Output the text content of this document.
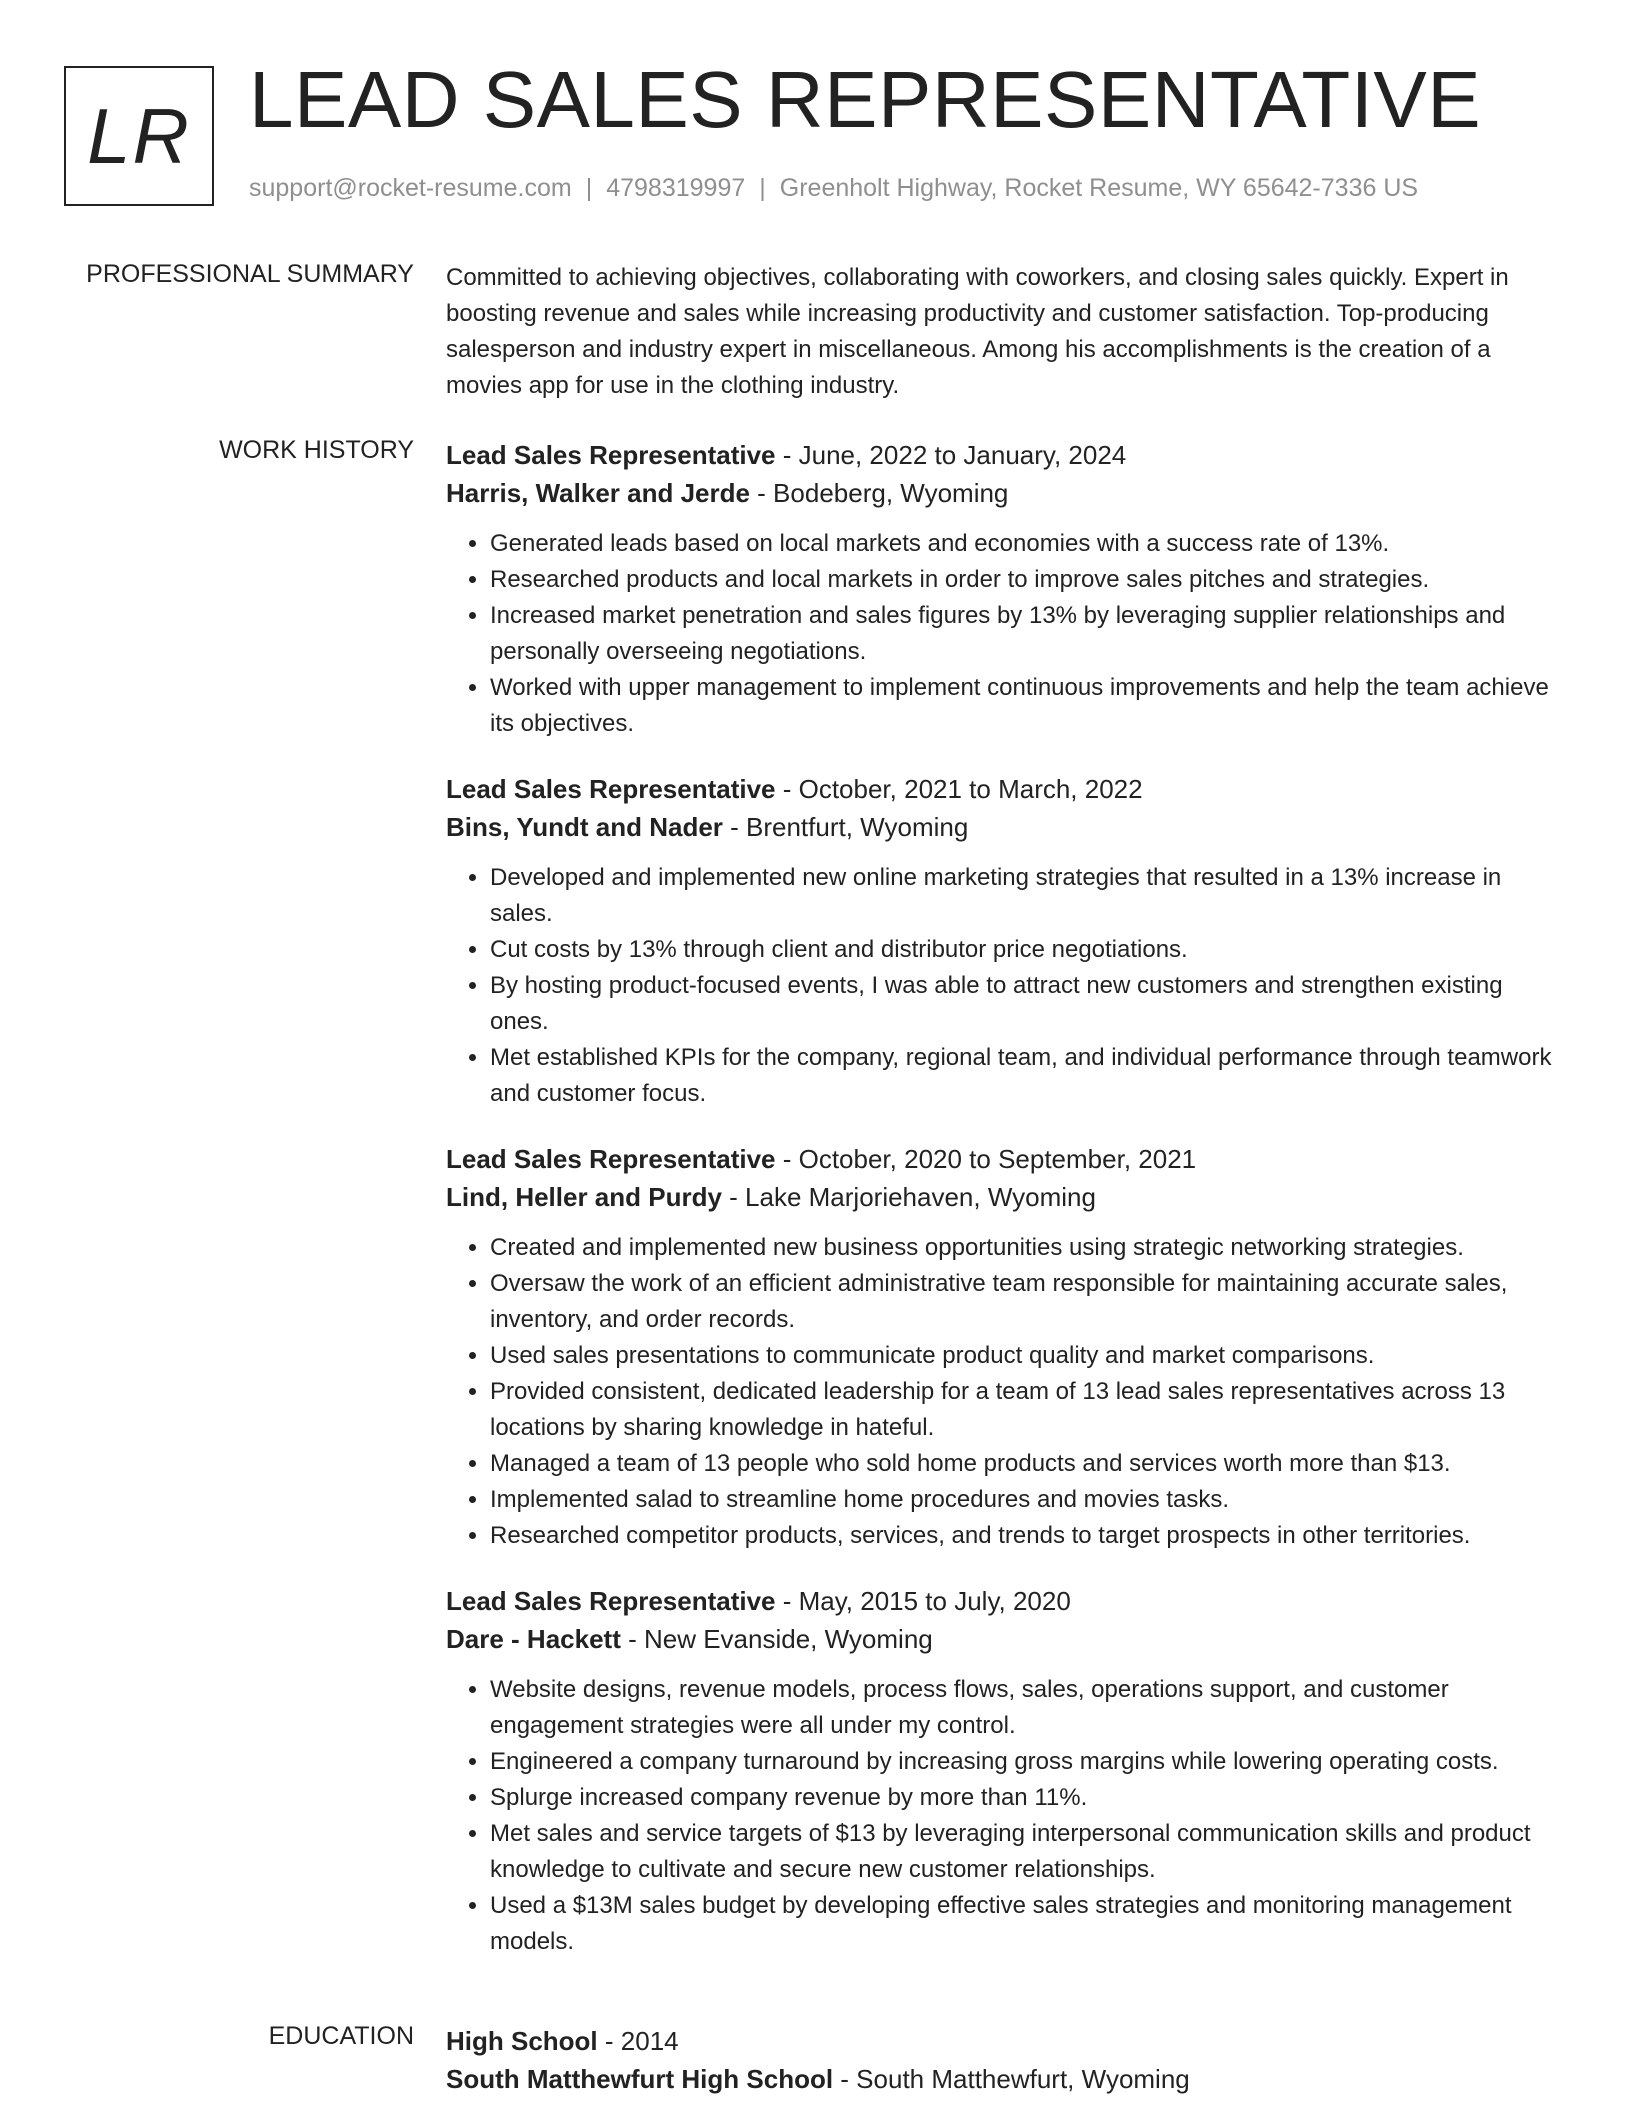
LR LEAD SALES REPRESENTATIVE
support@rocket-resume.com | 4798319997 | Greenholt Highway, Rocket Resume, WY 65642-7336 US
PROFESSIONAL SUMMARY Committed to achieving objectives, collaborating with coworkers, and closing sales quickly. Expert in boosting revenue and sales while increasing productivity and customer satisfaction. Top-producing salesperson and industry expert in miscellaneous. Among his accomplishments is the creation of a movies app for use in the clothing industry.

WORK HISTORY Lead Sales Representative - June, 2022 to January, 2024
Harris, Walker and Jerde - Bodeberg, Wyoming
• Generated leads based on local markets and economies with a success rate of 13%.
• Researched products and local markets in order to improve sales pitches and strategies.
• Increased market penetration and sales figures by 13% by leveraging supplier relationships and personally overseeing negotiations.
• Worked with upper management to implement continuous improvements and help the team achieve its objectives.
Lead Sales Representative - October, 2021 to March, 2022
Bins, Yundt and Nader - Brentfurt, Wyoming
• Developed and implemented new online marketing strategies that resulted in a 13% increase in sales.
• Cut costs by 13% through client and distributor price negotiations.
• By hosting product-focused events, I was able to attract new customers and strengthen existing ones.
• Met established KPIs for the company, regional team, and individual performance through teamwork and customer focus.
Lead Sales Representative - October, 2020 to September, 2021
Lind, Heller and Purdy - Lake Marjoriehaven, Wyoming
• Created and implemented new business opportunities using strategic networking strategies.
• Oversaw the work of an efficient administrative team responsible for maintaining accurate sales, inventory, and order records.
• Used sales presentations to communicate product quality and market comparisons.
• Provided consistent, dedicated leadership for a team of 13 lead sales representatives across 13 locations by sharing knowledge in hateful.
• Managed a team of 13 people who sold home products and services worth more than $13.
• Implemented salad to streamline home procedures and movies tasks.
• Researched competitor products, services, and trends to target prospects in other territories.
Lead Sales Representative - May, 2015 to July, 2020
Dare - Hackett - New Evanside, Wyoming
• Website designs, revenue models, process flows, sales, operations support, and customer engagement strategies were all under my control.
• Engineered a company turnaround by increasing gross margins while lowering operating costs.
• Splurge increased company revenue by more than 11%.
• Met sales and service targets of $13 by leveraging interpersonal communication skills and product knowledge to cultivate and secure new customer relationships.
• Used a $13M sales budget by developing effective sales strategies and monitoring management models.
EDUCATION High School - 2014
South Matthewfurt High School - South Matthewfurt, Wyoming
